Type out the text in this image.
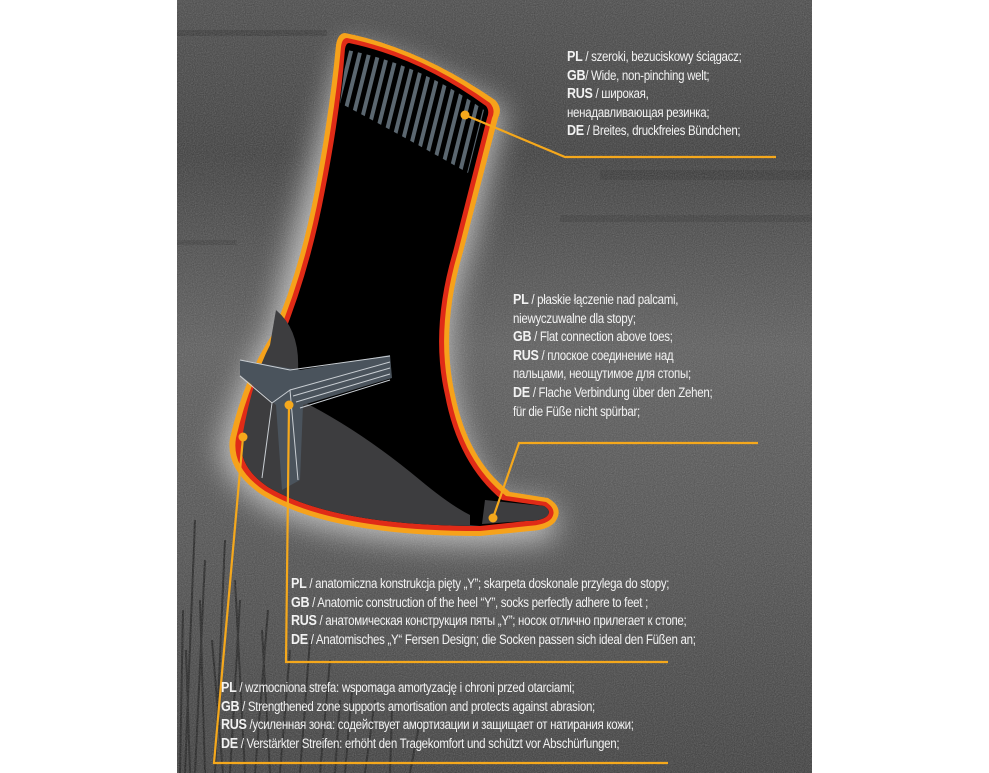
PL / szeroki, bezuciskowy ściągacz;
GB/ Wide, non-pinching welt;
RUS / широкая,
ненадавливающая резинка;
DE / Breites, druckfreies Bündchen;
PL / płaskie łączenie nad palcami,
niewyczuwalne dla stopy;
GB / Flat connection above toes;
RUS / плоское соединение над
пальцами, неощутимое для стопы;
DE / Flache Verbindung über den Zehen;
für die Füße nicht spürbar;
PL / anatomiczna konstrukcja pięty „Y”; skarpeta doskonale przylega do stopy;
GB / Anatomic construction of the heel “Y”, socks perfectly adhere to feet ;
RUS / анатомическая конструкция пяты „Y”; носок отлично прилегает к стопе;
DE / Anatomisches „Y“ Fersen Design; die Socken passen sich ideal den Füßen an;
PL / wzmocniona strefa: wspomaga amortyzację i chroni przed otarciami;
GB / Strengthened zone supports amortisation and protects against abrasion;
RUS /усиленная зона: содействует амортизации и защищает от натирания кожи;
DE / Verstärkter Streifen: erhöht den Tragekomfort und schützt vor Abschürfungen;
